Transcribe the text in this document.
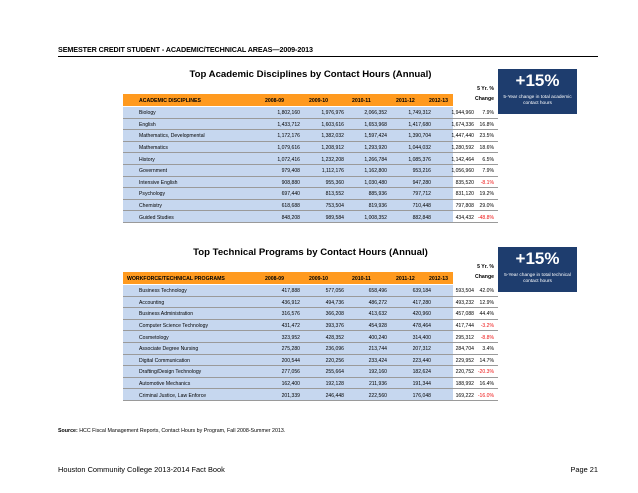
SEMESTER CREDIT STUDENT - ACADEMIC/TECHNICAL AREAS—2009-2013
Top Academic Disciplines by Contact Hours (Annual)
5 Yr. %
Change
ACADEMIC DISCIPLINES	2008-09	2009-10	2010-11	2011-12	2012-13
Biology	1,802,160	1,976,976	2,066,352	1,749,312	1,944,960	7.9%
English	1,433,712	1,603,616	1,653,968	1,417,680	1,674,336	16.8%
Mathematics, Developmental	1,172,176	1,382,032	1,597,424	1,390,704	1,447,440	23.5%
Mathematics	1,079,616	1,208,912	1,293,920	1,044,032	1,280,592	18.6%
History	1,072,416	1,232,208	1,266,784	1,085,376	1,142,464	6.5%
Government	979,408	1,112,176	1,162,800	953,216	1,056,960	7.9%
Intensive English	908,880	955,360	1,030,480	947,280	835,520	-8.1%
Psychology	697,440	813,552	885,936	797,712	831,120	19.2%
Chemistry	618,688	753,504	819,936	710,448	797,808	29.0%
Guided Studies	848,208	989,584	1,008,352	882,848	434,432 -48.8%
+15%
5-Year change in total academic contact hours
Top Technical Programs by Contact Hours (Annual)
5 Yr. %
Change
WORKFORCE/TECHNICAL PROGRAMS	2008-09	2009-10	2010-11	2011-12	2012-13
Business Technology	417,888	577,056	658,496	639,184	593,504	42.0%
Accounting	436,912	494,736	486,272	417,280	493,232	12.9%
Business Administration	316,576	366,208	413,632	420,960	457,088	44.4%
Computer Science Technology	431,472	393,376	454,928	478,464	417,744	-3.2%
Cosmetology	323,952	428,352	400,240	314,400	295,312	-8.8%
Associate Degree Nursing	275,280	236,096	213,744	207,312	284,704	3.4%
Digital Communication	200,544	220,256	233,424	223,440	229,952	14.7%
Drafting/Design Technology	277,056	255,664	192,160	182,624	220,752 -20.3%
Automotive Mechanics	162,400	192,128	211,936	191,344	188,992	16.4%
Criminal Justice, Law Enforce	201,339	246,448	222,560	176,048	169,222 -16.0%
+15%
5-Year change in total technical contact hours
Source: HCC Fiscal Management Reports, Contact Hours by Program, Fall 2008-Summer 2013.
Houston Community College 2013-2014 Fact Book	Page 21
